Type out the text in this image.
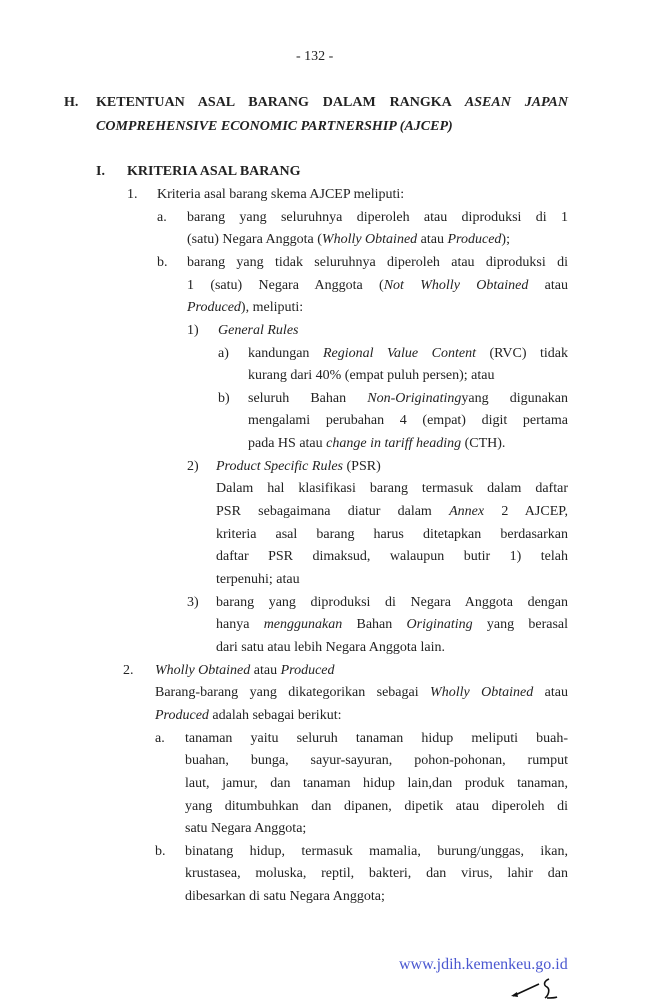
- 132 -
H. KETENTUAN ASAL BARANG DALAM RANGKA ASEAN JAPAN
COMPREHENSIVE ECONOMIC PARTNERSHIP (AJCEP)
I. KRITERIA ASAL BARANG
1. Kriteria asal barang skema AJCEP meliputi:
a. barang yang seluruhnya diperoleh atau diproduksi di 1
(satu) Negara Anggota (Wholly Obtained atau Produced);
b. barang yang tidak seluruhnya diperoleh atau diproduksi di
1 (satu) Negara Anggota (Not Wholly Obtained atau
Produced), meliputi:
1) General Rules
a) kandungan Regional Value Content (RVC) tidak
kurang dari 40% (empat puluh persen); atau
b) seluruh Bahan Non-Originatingyang digunakan
mengalami perubahan 4 (empat) digit pertama
pada HS atau change in tariff heading (CTH).
2) Product Specific Rules (PSR)
Dalam hal klasifikasi barang termasuk dalam daftar
PSR sebagaimana diatur dalam Annex 2 AJCEP,
kriteria asal barang harus ditetapkan berdasarkan
daftar PSR dimaksud, walaupun butir 1) telah
terpenuhi; atau
3) barang yang diproduksi di Negara Anggota dengan
hanya menggunakan Bahan Originating yang berasal
dari satu atau lebih Negara Anggota lain.
2. Wholly Obtained atau Produced
Barang-barang yang dikategorikan sebagai Wholly Obtained atau
Produced adalah sebagai berikut:
a. tanaman yaitu seluruh tanaman hidup meliputi buah-
buahan, bunga, sayur-sayuran, pohon-pohonan, rumput
laut, jamur, dan tanaman hidup lain,dan produk tanaman,
yang ditumbuhkan dan dipanen, dipetik atau diperoleh di
satu Negara Anggota;
b. binatang hidup, termasuk mamalia, burung/unggas, ikan,
krustasea, moluska, reptil, bakteri, dan virus, lahir dan
dibesarkan di satu Negara Anggota;
www.jdih.kemenkeu.go.id
